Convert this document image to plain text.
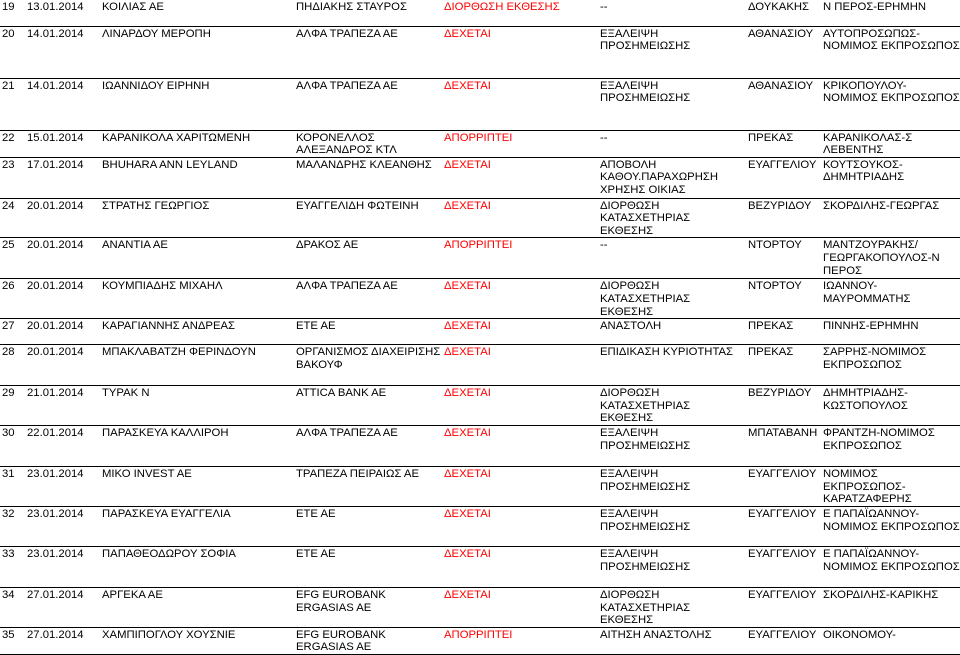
19	13.01.2014	ΚΟΙΛΙΑΣ ΑΕ	ΠΗΔΙΑΚΗΣ ΣΤΑΥΡΟΣ	ΔΙΟΡΘΩΣΗ ΕΚΘΕΣΗΣ	--	ΔΟΥΚΑΚΗΣ	Ν ΠΕΡΟΣ-ΕΡΗΜΗΝ
20	14.01.2014	ΛΙΝΑΡΔΟΥ ΜΕΡΟΠΗ	ΑΛΦΑ ΤΡΑΠΕΖΑ ΑΕ	ΔΕΧΕΤΑΙ	ΕΞΑΛΕΙΨΗ ΠΡΟΣΗΜΕΙΩΣΗΣ	ΑΘΑΝΑΣΙΟΥ	ΑΥΤΟΠΡΟΣΩΠΩΣ-ΝΟΜΙΜΟΣ ΕΚΠΡΟΣΩΠΟΣ
21	14.01.2014	ΙΩΑΝΝΙΔΟΥ ΕΙΡΗΝΗ	ΑΛΦΑ ΤΡΑΠΕΖΑ ΑΕ	ΔΕΧΕΤΑΙ	ΕΞΑΛΕΙΨΗ ΠΡΟΣΗΜΕΙΩΣΗΣ	ΑΘΑΝΑΣΙΟΥ	ΚΡΙΚΟΠΟΥΛΟΥ-ΝΟΜΙΜΟΣ ΕΚΠΡΟΣΩΠΟΣ
22	15.01.2014	ΚΑΡΑΝΙΚΟΛΑ ΧΑΡΙΤΩΜΕΝΗ	ΚΟΡΟΝΕΛΛΟΣ ΑΛΕΞΑΝΔΡΟΣ ΚΤΛ	ΑΠΟΡΡΙΠΤΕΙ	--	ΠΡΕΚΑΣ	ΚΑΡΑΝΙΚΟΛΑΣ-Σ ΛΕΒΕΝΤΗΣ
23	17.01.2014	BHUHARA ANN LEYLAND	ΜΑΛΑΝΔΡΗΣ ΚΛΕΑΝΘΗΣ	ΔΕΧΕΤΑΙ	ΑΠΟΒΟΛΗ ΚΑΘΟΥ.ΠΑΡΑΧΩΡΗΣΗ ΧΡΗΣΗΣ ΟΙΚΙΑΣ	ΕΥΑΓΓΕΛΙΟΥ	ΚΟΥΤΣΟΥΚΟΣ-ΔΗΜΗΤΡΙΑΔΗΣ
24	20.01.2014	ΣΤΡΑΤΗΣ ΓΕΩΡΓΙΟΣ	ΕΥΑΓΓΕΛΙΔΗ ΦΩΤΕΙΝΗ	ΔΕΧΕΤΑΙ	ΔΙΟΡΘΩΣΗ ΚΑΤΑΣΧΕΤΗΡΙΑΣ ΕΚΘΕΣΗΣ	ΒΕΖΥΡΙΔΟΥ	ΣΚΟΡΔΙΛΗΣ-ΓΕΩΡΓΑΣ
25	20.01.2014	ΑΝΑΝΤΙΑ ΑΕ	ΔΡΑΚΟΣ ΑΕ	ΑΠΟΡΡΙΠΤΕΙ	--	ΝΤΟΡΤΟΥ	ΜΑΝΤΖΟΥΡΑΚΗΣ/ ΓΕΩΡΓΑΚΟΠΟΥΛΟΣ-Ν ΠΕΡΟΣ
26	20.01.2014	ΚΟΥΜΠΙΑΔΗΣ ΜΙΧΑΗΛ	ΑΛΦΑ ΤΡΑΠΕΖΑ ΑΕ	ΔΕΧΕΤΑΙ	ΔΙΟΡΘΩΣΗ ΚΑΤΑΣΧΕΤΗΡΙΑΣ ΕΚΘΕΣΗΣ	ΝΤΟΡΤΟΥ	ΙΩΑΝΝΟΥ-ΜΑΥΡΟΜΜΑΤΗΣ
27	20.01.2014	ΚΑΡΑΓΙΑΝΝΗΣ ΑΝΔΡΕΑΣ	ΕΤΕ ΑΕ	ΔΕΧΕΤΑΙ	ΑΝΑΣΤΟΛΗ	ΠΡΕΚΑΣ	ΠΙΝΝΗΣ-ΕΡΗΜΗΝ
28	20.01.2014	ΜΠΑΚΛΑΒΑΤΖΗ ΦΕΡΙΝΔΟΥΝ	ΟΡΓΑΝΙΣΜΟΣ ΔΙΑΧΕΙΡΙΣΗΣ ΒΑΚΟΥΦ	ΔΕΧΕΤΑΙ	ΕΠΙΔΙΚΑΣΗ ΚΥΡΙΟΤΗΤΑΣ	ΠΡΕΚΑΣ	ΣΑΡΡΗΣ-ΝΟΜΙΜΟΣ ΕΚΠΡΟΣΩΠΟΣ
29	21.01.2014	ΤΥΡΑΚ Ν	ATTICA BANK AE	ΔΕΧΕΤΑΙ	ΔΙΟΡΘΩΣΗ ΚΑΤΑΣΧΕΤΗΡΙΑΣ ΕΚΘΕΣΗΣ	ΒΕΖΥΡΙΔΟΥ	ΔΗΜΗΤΡΙΑΔΗΣ-ΚΩΣΤΟΠΟΥΛΟΣ
30	22.01.2014	ΠΑΡΑΣΚΕΥΑ ΚΑΛΛΙΡΟΗ	ΑΛΦΑ ΤΡΑΠΕΖΑ ΑΕ	ΔΕΧΕΤΑΙ	ΕΞΑΛΕΙΨΗ ΠΡΟΣΗΜΕΙΩΣΗΣ	ΜΠΑΤΑΒΑΝΗ	ΦΡΑΝΤΖΗ-ΝΟΜΙΜΟΣ ΕΚΠΡΟΣΩΠΟΣ
31	23.01.2014	ΜΙΚΟ INVEST AE	ΤΡΑΠΕΖΑ ΠΕΙΡΑΙΩΣ ΑΕ	ΔΕΧΕΤΑΙ	ΕΞΑΛΕΙΨΗ ΠΡΟΣΗΜΕΙΩΣΗΣ	ΕΥΑΓΓΕΛΙΟΥ	ΝΟΜΙΜΟΣ ΕΚΠΡΟΣΩΠΟΣ-ΚΑΡΑΤΖΑΦΕΡΗΣ
32	23.01.2014	ΠΑΡΑΣΚΕΥΑ ΕΥΑΓΓΕΛΙΑ	ΕΤΕ ΑΕ	ΔΕΧΕΤΑΙ	ΕΞΑΛΕΙΨΗ ΠΡΟΣΗΜΕΙΩΣΗΣ	ΕΥΑΓΓΕΛΙΟΥ	Ε ΠΑΠΑΪΩΑΝΝΟΥ-ΝΟΜΙΜΟΣ ΕΚΠΡΟΣΩΠΟΣ
33	23.01.2014	ΠΑΠΑΘΕΟΔΩΡΟΥ ΣΟΦΙΑ	ΕΤΕ ΑΕ	ΔΕΧΕΤΑΙ	ΕΞΑΛΕΙΨΗ ΠΡΟΣΗΜΕΙΩΣΗΣ	ΕΥΑΓΓΕΛΙΟΥ	Ε ΠΑΠΑΪΩΑΝΝΟΥ-ΝΟΜΙΜΟΣ ΕΚΠΡΟΣΩΠΟΣ
34	27.01.2014	ΑΡΓΕΚΑ ΑΕ	EFG EUROBANK ERGASIAS AE	ΔΕΧΕΤΑΙ	ΔΙΟΡΘΩΣΗ ΚΑΤΑΣΧΕΤΗΡΙΑΣ ΕΚΘΕΣΗΣ	ΕΥΑΓΓΕΛΙΟΥ	ΣΚΟΡΔΙΛΗΣ-ΚΑΡΙΚΗΣ
35	27.01.2014	ΧΑΜΠΙΠΟΓΛΟΥ ΧΟΥΣΝΙΕ	EFG EUROBANK ERGASIAS AE	ΑΠΟΡΡΙΠΤΕΙ	ΑΙΤΗΣΗ ΑΝΑΣΤΟΛΗΣ	ΕΥΑΓΓΕΛΙΟΥ	ΟΙΚΟΝΟΜΟΥ-
